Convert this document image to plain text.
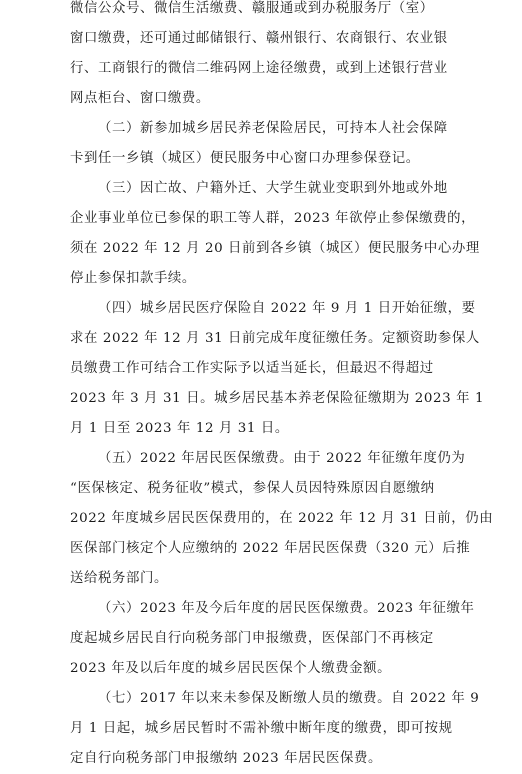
微信公众号、微信生活缴费、赣服通或到办税服务厅（室）
窗口缴费，还可通过邮储银行、赣州银行、农商银行、农业银
行、工商银行的微信二维码网上途径缴费，或到上述银行营业
网点柜台、窗口缴费。
（二）新参加城乡居民养老保险居民，可持本人社会保障
卡到任一乡镇（城区）便民服务中心窗口办理参保登记。
（三）因亡故、户籍外迁、大学生就业变职到外地或外地
企业事业单位已参保的职工等人群，2023 年欲停止参保缴费的，
须在 2022 年 12 月 20 日前到各乡镇（城区）便民服务中心办理
停止参保扣款手续。
（四）城乡居民医疗保险自 2022 年 9 月 1 日开始征缴，要
求在 2022 年 12 月 31 日前完成年度征缴任务。定额资助参保人
员缴费工作可结合工作实际予以适当延长，但最迟不得超过
2023 年 3 月 31 日。城乡居民基本养老保险征缴期为 2023 年 1
月 1 日至 2023 年 12 月 31 日。
（五）2022 年居民医保缴费。由于 2022 年征缴年度仍为
“医保核定、税务征收”模式，参保人员因特殊原因自愿缴纳
2022 年度城乡居民医保费用的，在 2022 年 12 月 31 日前，仍由
医保部门核定个人应缴纳的 2022 年居民医保费（320 元）后推
送给税务部门。
（六）2023 年及今后年度的居民医保缴费。2023 年征缴年
度起城乡居民自行向税务部门申报缴费，医保部门不再核定
2023 年及以后年度的城乡居民医保个人缴费金额。
（七）2017 年以来未参保及断缴人员的缴费。自 2022 年 9
月 1 日起，城乡居民暂时不需补缴中断年度的缴费，即可按规
定自行向税务部门申报缴纳 2023 年居民医保费。
